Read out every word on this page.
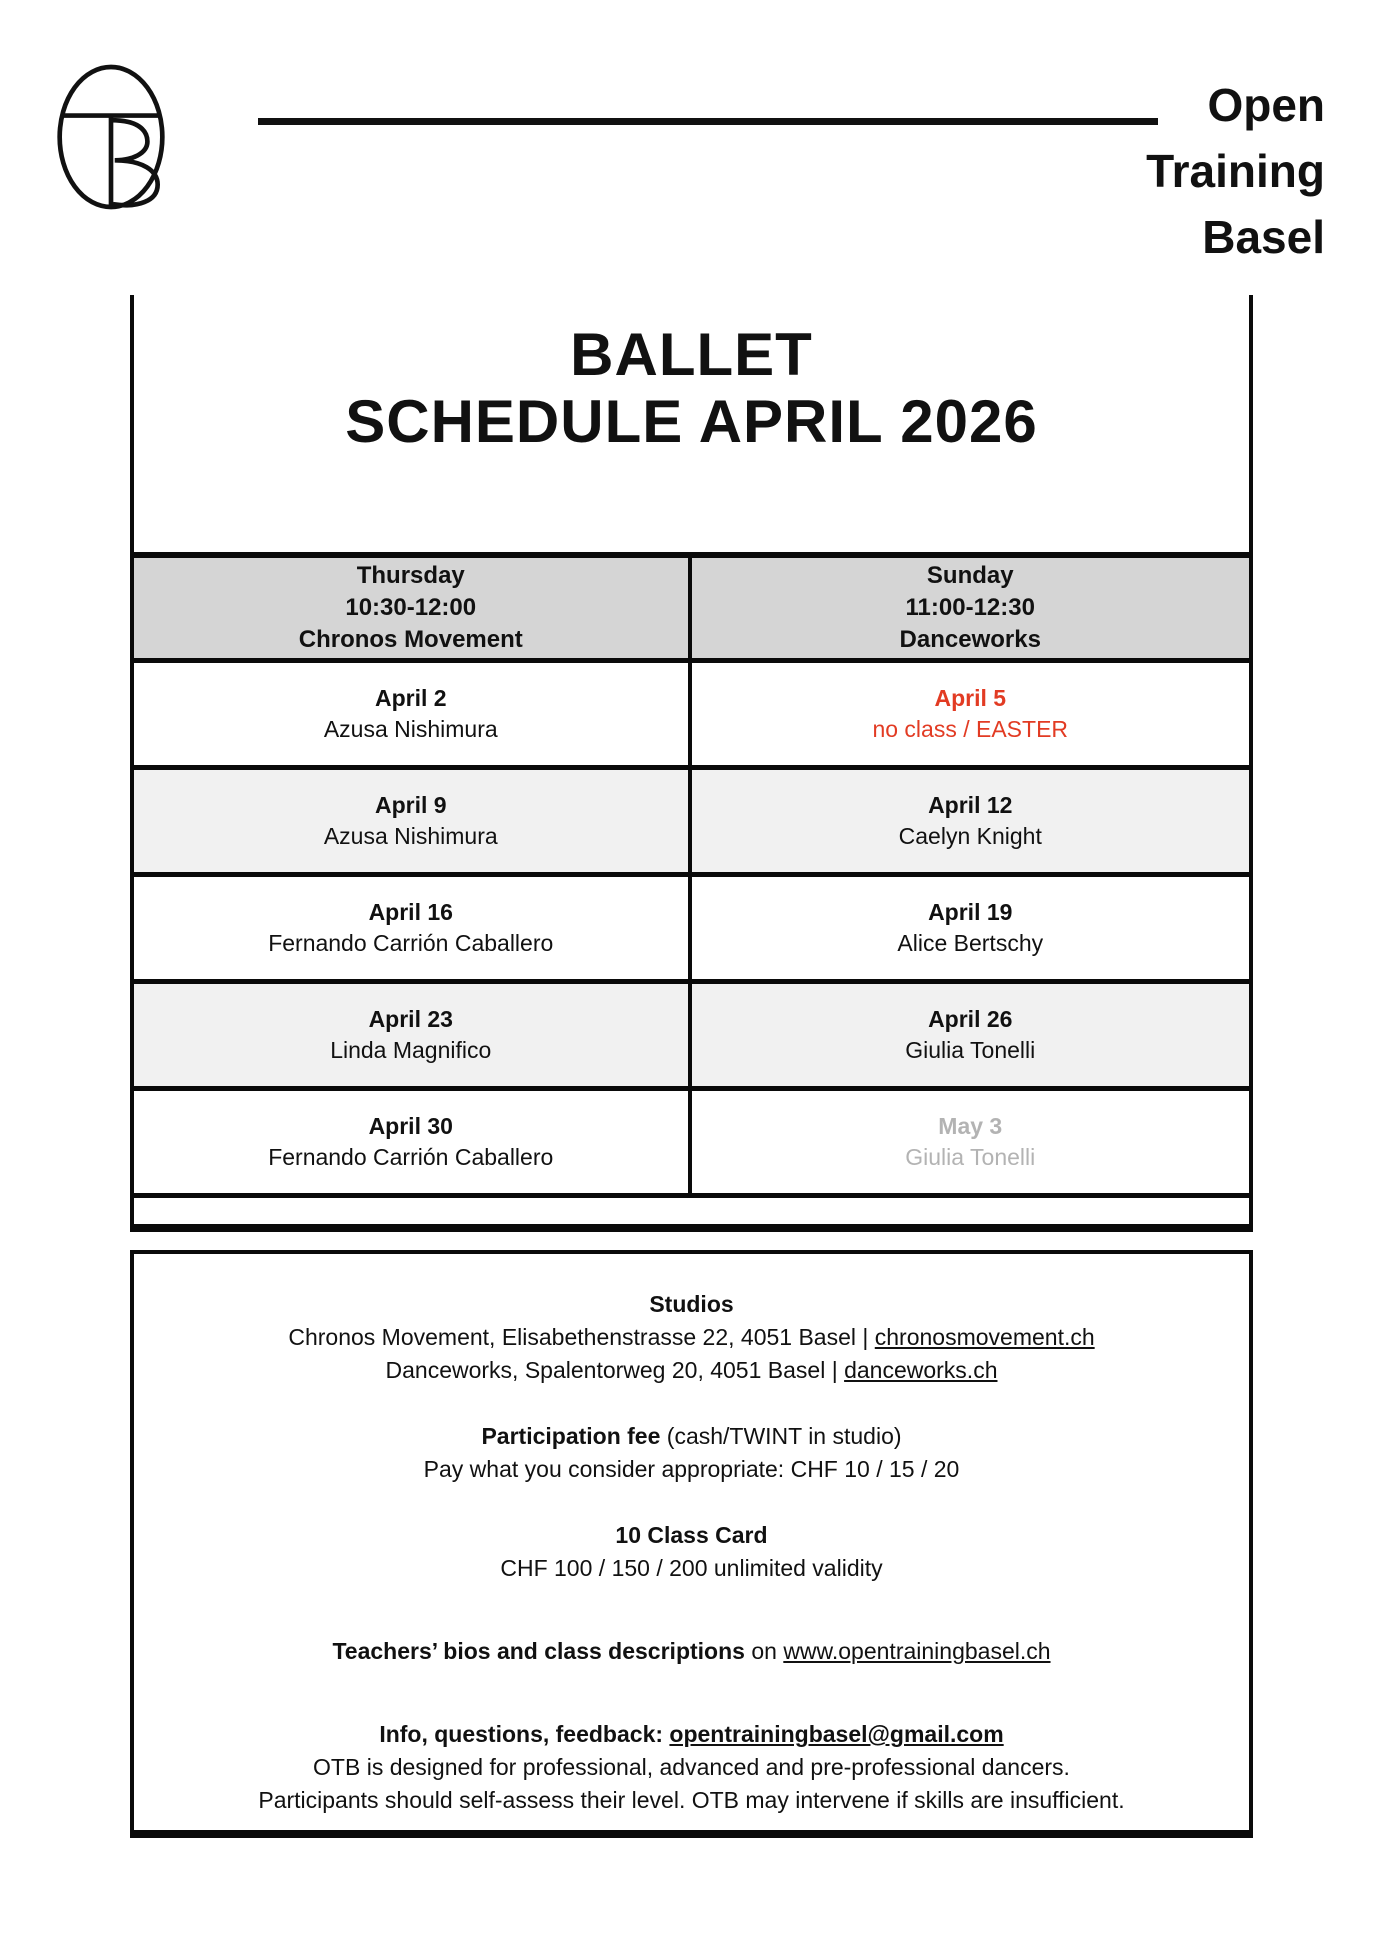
Open
Training
Basel
BALLET
SCHEDULE APRIL 2026
Thursday
10:30-12:00
Chronos Movement
Sunday
11:00-12:30
Danceworks
April 2
Azusa Nishimura
April 5
no class / EASTER
April 9
Azusa Nishimura
April 12
Caelyn Knight
April 16
Fernando Carrión Caballero
April 19
Alice Bertschy
April 23
Linda Magnifico
April 26
Giulia Tonelli
April 30
Fernando Carrión Caballero
May 3
Giulia Tonelli
Studios
Chronos Movement, Elisabethenstrasse 22, 4051 Basel | chronosmovement.ch
Danceworks, Spalentorweg 20, 4051 Basel | danceworks.ch
Participation fee (cash/TWINT in studio)
Pay what you consider appropriate: CHF 10 / 15 / 20
10 Class Card
CHF 100 / 150 / 200 unlimited validity
Teachers’ bios and class descriptions on www.opentrainingbasel.ch
Info, questions, feedback: opentrainingbasel@gmail.com
OTB is designed for professional, advanced and pre-professional dancers.
Participants should self-assess their level. OTB may intervene if skills are insufficient.
